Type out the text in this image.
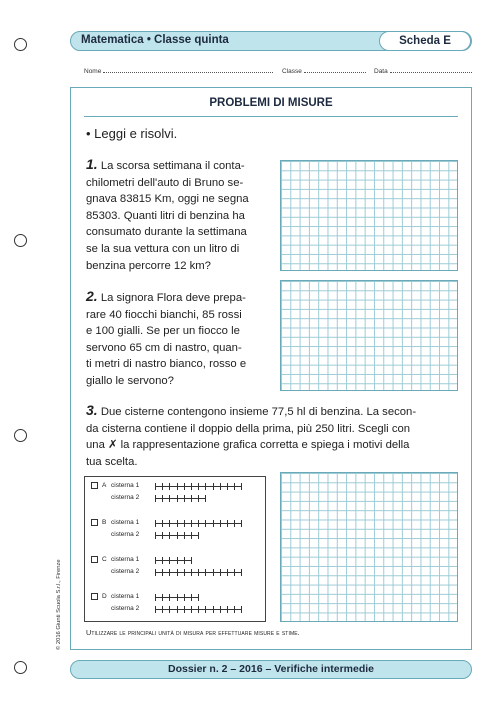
Matematica • Classe quinta	Scheda E
Nome	Classe	Data
PROBLEMI DI MISURE
• Leggi e risolvi.
1. La scorsa settimana il conta-
chilometri dell'auto di Bruno se-
gnava 83815 Km, oggi ne segna
85303. Quanti litri di benzina ha
consumato durante la settimana
se la sua vettura con un litro di
benzina percorre 12 km?
2. La signora Flora deve prepa-
rare 40 fiocchi bianchi, 85 rossi
e 100 gialli. Se per un fiocco le
servono 65 cm di nastro, quan-
ti metri di nastro bianco, rosso e
giallo le servono?
3. Due cisterne contengono insieme 77,5 hl di benzina. La secon-
da cisterna contiene il doppio della prima, più 250 litri. Scegli con
una ✗ la rappresentazione grafica corretta e spiega i motivi della
tua scelta.
A cisterna 1
cisterna 2
B cisterna 1
cisterna 2
C cisterna 1
cisterna 2
D cisterna 1
cisterna 2
Utilizzare le principali unità di misura per effettuare misure e stime.
Dossier n. 2 – 2016 – Verifiche intermedie
© 2016 Giunti Scuola S.r.l., Firenze
